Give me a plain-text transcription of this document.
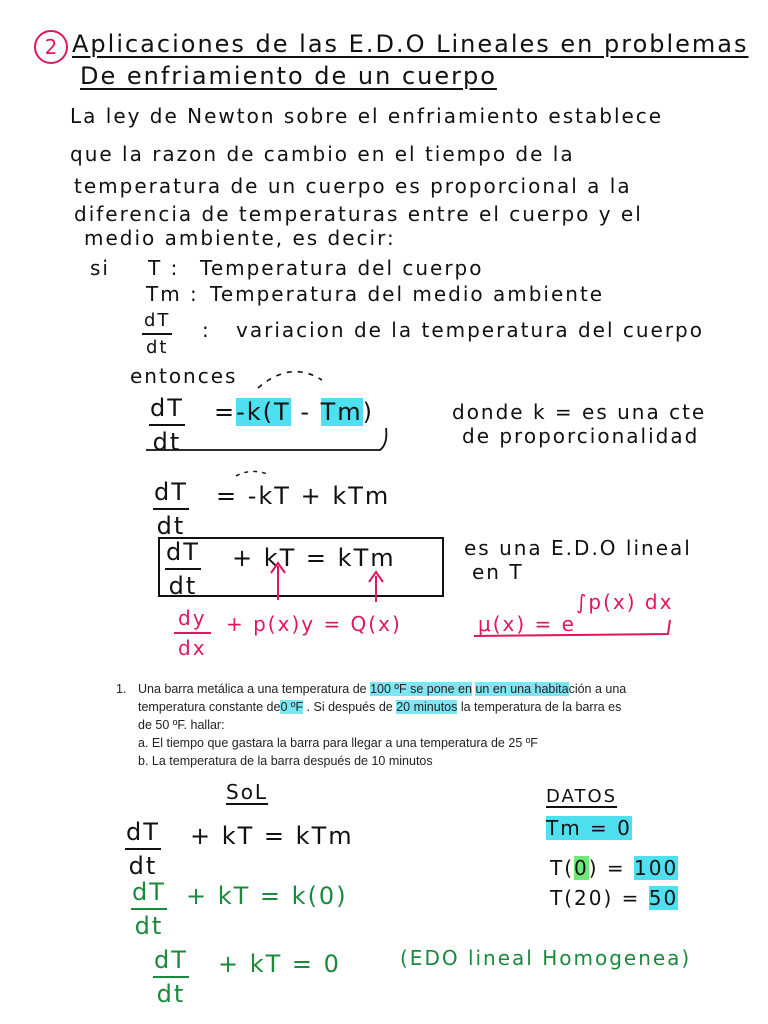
2 Aplicaciones de las E.D.O Lineales en problemas
De enfriamiento de un cuerpo
La ley de Newton sobre el enfriamiento establece
que la razon de cambio en el tiempo de la
temperatura de un cuerpo es proporcional a la
diferencia de temperaturas entre el cuerpo y el
medio ambiente, es decir:
si T : Temperatura del cuerpo
Tm : Temperatura del medio ambiente
$\frac{dT}{dt}$ : variacion de la temperatura del cuerpo
entonces
$\frac{dT}{dt} =-k(T - Tm)$	donde k = es una cte
de proporcionalidad
$\frac{dT}{dt} = -kT$ + kTm
$\frac{dT}{dt}$ + kT = kTm	es una E.D.O lineal
en T
$\frac{dy}{dx} + p(x)y = Q(x)$	μ(x) = e
∫p(x) dx
1. Una barra metálica a una temperatura de 100 ºF se pone en un en una habitación a una
temperatura constante de0 ºF . Si después de 20 minutos la temperatura de la barra es
de 50 ºF. hallar:
a. El tiempo que gastara la barra para llegar a una temperatura de 25 ºF
b. La temperatura de la barra después de 10 minutos
SoL	DATOS
Tm = 0
T(0) = 100
T(20) = 50
$\frac{dT}{dt}$ + kT = kTm
$\frac{dT}{dt}$ + kT = k(0)
$\frac{dT}{dt}$ + kT = 0	(EDO lineal Homogenea)
